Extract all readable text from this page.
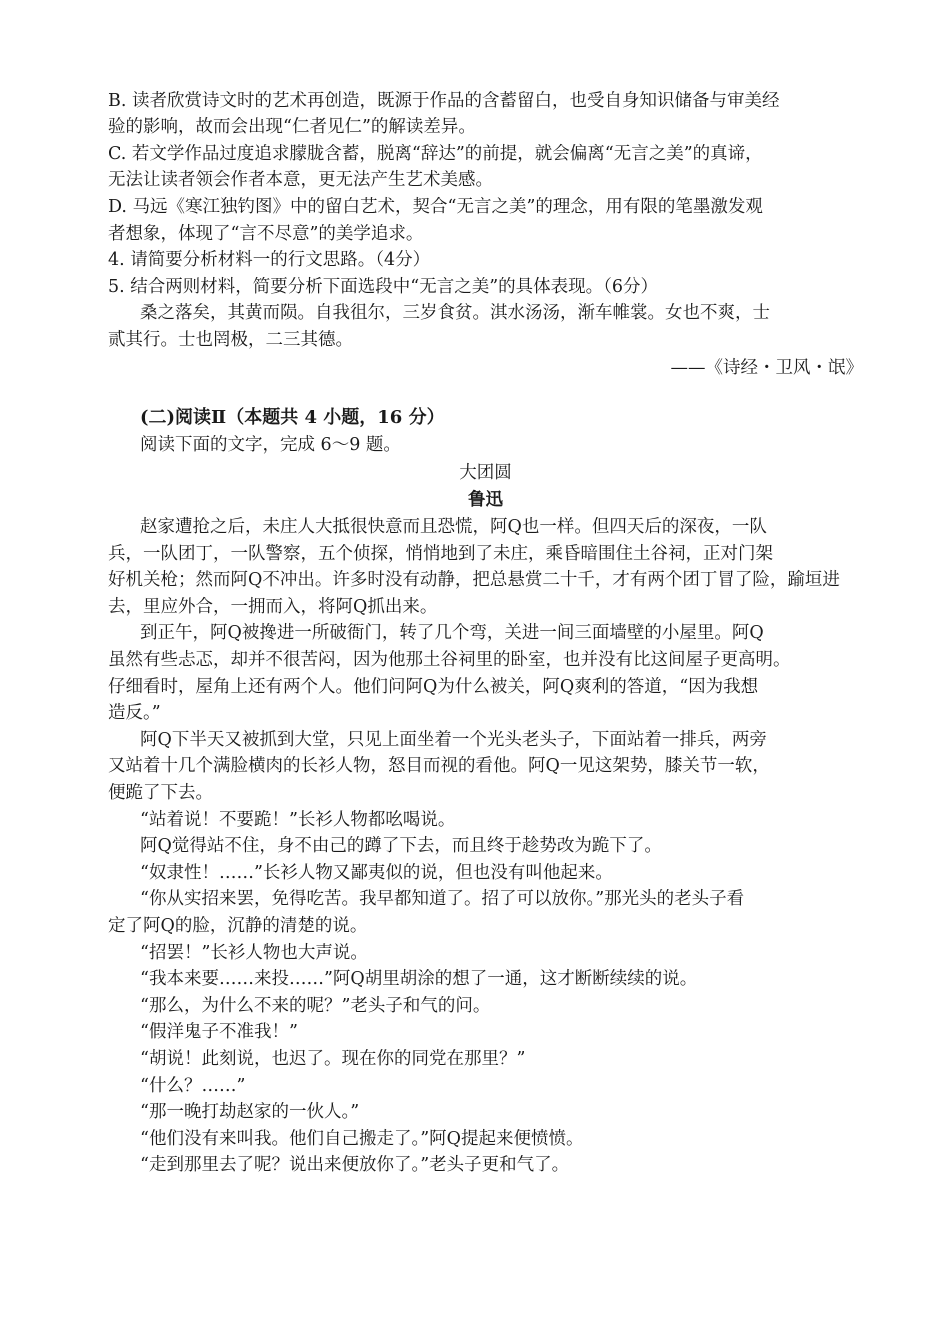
B. 读者欣赏诗文时的艺术再创造，既源于作品的含蓄留白，也受自身知识储备与审美经
验的影响，故而会出现“仁者见仁”的解读差异。
C. 若文学作品过度追求朦胧含蓄，脱离“辞达”的前提，就会偏离“无言之美”的真谛，
无法让读者领会作者本意，更无法产生艺术美感。
D. 马远《寒江独钓图》中的留白艺术，契合“无言之美”的理念，用有限的笔墨激发观
者想象，体现了“言不尽意”的美学追求。
4. 请简要分析材料一的行文思路。（4分）
5. 结合两则材料，简要分析下面选段中“无言之美”的具体表现。（6分）
桑之落矣，其黄而陨。自我徂尔，三岁食贫。淇水汤汤，渐车帷裳。女也不爽，士
贰其行。士也罔极，二三其德。
——《诗经・卫风・氓》
(二)阅读Ⅱ（本题共 4 小题，16 分）
阅读下面的文字，完成 6～9 题。
大团圆
鲁迅
赵家遭抢之后，未庄人大抵很快意而且恐慌，阿Q也一样。但四天后的深夜，一队
兵，一队团丁，一队警察，五个侦探，悄悄地到了未庄，乘昏暗围住土谷祠，正对门架
好机关枪；然而阿Q不冲出。许多时没有动静，把总悬赏二十千，才有两个团丁冒了险，踰垣进
去，里应外合，一拥而入，将阿Q抓出来。
到正午，阿Q被搀进一所破衙门，转了几个弯，关进一间三面墙壁的小屋里。阿Q
虽然有些忐忑，却并不很苦闷，因为他那土谷祠里的卧室，也并没有比这间屋子更高明。
仔细看时，屋角上还有两个人。他们问阿Q为什么被关，阿Q爽利的答道，“因为我想
造反。”
阿Q下半天又被抓到大堂，只见上面坐着一个光头老头子，下面站着一排兵，两旁
又站着十几个满脸横肉的长衫人物，怒目而视的看他。阿Q一见这架势，膝关节一软，
便跪了下去。
“站着说！不要跪！”长衫人物都吆喝说。
阿Q觉得站不住，身不由己的蹲了下去，而且终于趁势改为跪下了。
“奴隶性！……”长衫人物又鄙夷似的说，但也没有叫他起来。
“你从实招来罢，免得吃苦。我早都知道了。招了可以放你。”那光头的老头子看
定了阿Q的脸，沉静的清楚的说。
“招罢！”长衫人物也大声说。
“我本来要……来投……”阿Q胡里胡涂的想了一通，这才断断续续的说。
“那么，为什么不来的呢？”老头子和气的问。
“假洋鬼子不准我！”
“胡说！此刻说，也迟了。现在你的同党在那里？”
“什么？……”
“那一晚打劫赵家的一伙人。”
“他们没有来叫我。他们自己搬走了。”阿Q提起来便愤愤。
“走到那里去了呢？说出来便放你了。”老头子更和气了。
